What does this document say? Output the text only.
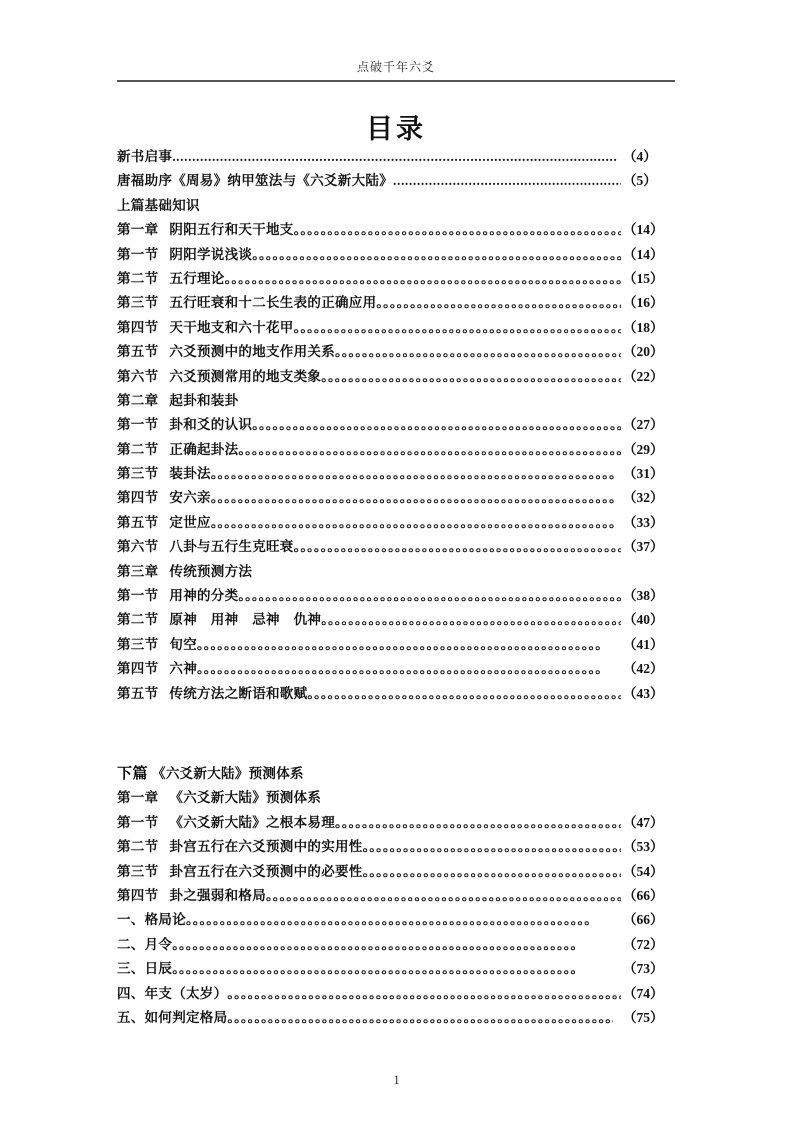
点破千年六爻
目录
新书启事 .....	（4）
唐福助序《周易》纳甲筮法与《六爻新大陆》 .....	（5）
上篇基础知识
第一章 阴阳五行和天干地支 。。。。。。。。。。。。。。。。。。。。。。。。。。。。。。。。。。。。。。。。。。。。。。。。。。。。。。。。。。。。	（14）
第一节 阴阳学说浅谈 。。。。。。。。。。。。。。。。。。。。。。。。。。。。。。。。。。。。。。。。。。。。。。。。。。。。。。。。。。。。	（14）
第二节 五行理论 。。。。。。。。。。。。。。。。。。。。。。。。。。。。。。。。。。。。。。。。。。。。。。。。。。。。。。。。。。。。	（15）
第三节 五行旺衰和十二长生表的正确应用 。。。。。。。。。。。。。。。。。。。。。。。。。。。。。。。。。。。。。。。。。。。。。。。。。。。。。。。。。。。。	（16）
第四节 天干地支和六十花甲 。。。。。。。。。。。。。。。。。。。。。。。。。。。。。。。。。。。。。。。。。。。。。。。。。。。。。。。。。。。。	（18）
第五节 六爻预测中的地支作用关系 。。。。。。。。。。。。。。。。。。。。。。。。。。。。。。。。。。。。。。。。。。。。。。。。。。。。。。。。。。。。	（20）
第六节 六爻预测常用的地支类象 。。。。。。。。。。。。。。。。。。。。。。。。。。。。。。。。。。。。。。。。。。。。。。。。。。。。。。。。。。。。	（22）
第二章 起卦和装卦
第一节 卦和爻的认识 。。。。。。。。。。。。。。。。。。。。。。。。。。。。。。。。。。。。。。。。。。。。。。。。。。。。。。。。。。。。	（27）
第二节 正确起卦法 。。。。。。。。。。。。。。。。。。。。。。。。。。。。。。。。。。。。。。。。。。。。。。。。。。。。。。。。。。。。	（29）
第三节 装卦法 。。。。。。。。。。。。。。。。。。。。。。。。。。。。。。。。。。。。。。。。。。。。。。。。。。。。。。。。。。。。	（31）
第四节 安六亲 。。。。。。。。。。。。。。。。。。。。。。。。。。。。。。。。。。。。。。。。。。。。。。。。。。。。。。。。。。。。	（32）
第五节 定世应 。。。。。。。。。。。。。。。。。。。。。。。。。。。。。。。。。。。。。。。。。。。。。。。。。。。。。。。。。。。。	（33）
第六节 八卦与五行生克旺衰 。。。。。。。。。。。。。。。。。。。。。。。。。。。。。。。。。。。。。。。。。。。。。。。。。。。。。。。。。。。。	（37）
第三章 传统预测方法
第一节 用神的分类 。。。。。。。。。。。。。。。。。。。。。。。。。。。。。。。。。。。。。。。。。。。。。。。。。。。。。。。。。。。。	（38）
第二节 原神　用神　忌神　仇神 。。。。。。。。。。。。。。。。。。。。。。。。。。。。。。。。。。。。。。。。。。。。。。。。。。。。。。。。。。。。	（40）
第三节 旬空 。。。。。。。。。。。。。。。。。。。。。。。。。。。。。。。。。。。。。。。。。。。。。。。。。。。。。。。。。。。。	（41）
第四节 六神 。。。。。。。。。。。。。。。。。。。。。。。。。。。。。。。。。。。。。。。。。。。。。。。。。。。。。。。。。。。。	（42）
第五节 传统方法之断语和歌赋 。。。。。。。。。。。。。。。。。。。。。。。。。。。。。。。。。。。。。。。。。。。。。。。。。。。。。。。。。。。。	（43）
下篇 《六爻新大陆》预测体系
第一章 《六爻新大陆》预测体系
第一节 《六爻新大陆》之根本易理 。。。。。。。。。。。。。。。。。。。。。。。。。。。。。。。。。。。。。。。。。。。。。。。。。。。。。。。。。。。。	（47）
第二节 卦宫五行在六爻预测中的实用性 。。。。。。。。。。。。。。。。。。。。。。。。。。。。。。。。。。。。。。。。。。。。。。。。。。。。。。。。。。。。	（53）
第三节 卦宫五行在六爻预测中的必要性 。。。。。。。。。。。。。。。。。。。。。。。。。。。。。。。。。。。。。。。。。。。。。。。。。。。。。。。。。。。。	（54）
第四节 卦之强弱和格局 。。。。。。。。。。。。。。。。。。。。。。。。。。。。。。。。。。。。。。。。。。。。。。。。。。。。。。。。。。。。	（66）
一、格局论 。。。。。。。。。。。。。。。。。。。。。。。。。。。。。。。。。。。。。。。。。。。。。。。。。。。。。。。。。。。。	（66）
二、月令 。。。。。。。。。。。。。。。。。。。。。。。。。。。。。。。。。。。。。。。。。。。。。。。。。。。。。。。。。。。。	（72）
三、日辰 。。。。。。。。。。。。。。。。。。。。。。。。。。。。。。。。。。。。。。。。。。。。。。。。。。。。。。。。。。。。	（73）
四、年支（太岁） 。。。。。。。。。。。。。。。。。。。。。。。。。。。。。。。。。。。。。。。。。。。。。。。。。。。。。。。。。。。。	（74）
五、如何判定格局 。。。。。。。。。。。。。。。。。。。。。。。。。。。。。。。。。。。。。。。。。。。。。。。。。。。。。。。。。。。。	（75）
1
